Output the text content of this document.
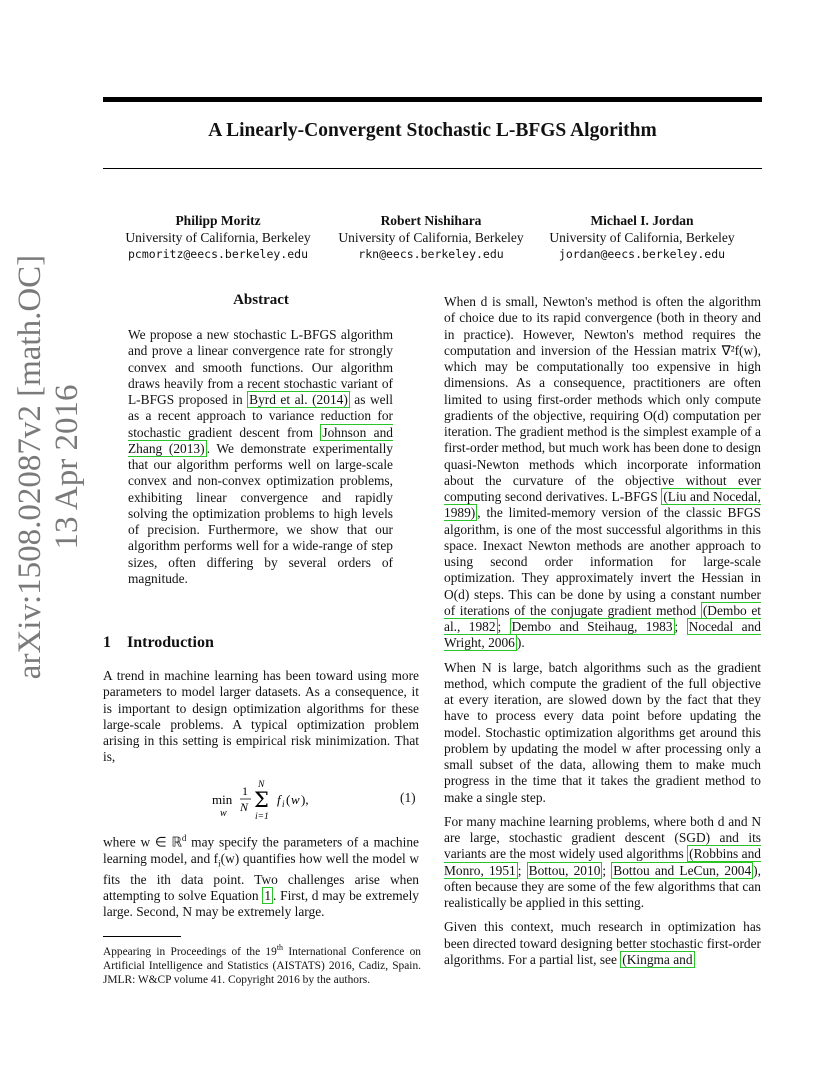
A Linearly-Convergent Stochastic L-BFGS Algorithm
arXiv:1508.02087v2 [math.OC] 13 Apr 2016
Philipp Moritz
University of California, Berkeley
pcmoritz@eecs.berkeley.edu
Robert Nishihara
University of California, Berkeley
rkn@eecs.berkeley.edu
Michael I. Jordan
University of California, Berkeley
jordan@eecs.berkeley.edu
Abstract

We propose a new stochastic L-BFGS algorithm and prove a linear convergence rate for strongly convex and smooth functions. Our algorithm draws heavily from a recent stochastic variant of L-BFGS proposed in Byrd et al. (2014) as well as a recent approach to variance reduction for stochastic gradient descent from Johnson and Zhang (2013) . We demonstrate experimentally that our algorithm performs well on large-scale convex and non-convex optimization problems, exhibiting linear convergence and rapidly solving the optimization problems to high levels of precision. Furthermore, we show that our algorithm performs well for a wide-range of step sizes, often differing by several orders of magnitude.

1    Introduction

A trend in machine learning has been toward using more parameters to model larger datasets. As a consequence, it is important to design optimization algorithms for these large-scale problems. A typical optimization problem arising in this setting is empirical risk minimization. That is,

min
w
1
N
N
Σ
i=1
f i ( w ),	(1)

where w ∈ ℝ$^d$ may specify the parameters of a machine learning model, and $f_i(w)$ quantifies how well the model w fits the ith data point. Two challenges arise when attempting to solve Equation 1 . First, d may be extremely large. Second, N may be extremely large.

Appearing in Proceedings of the 19th International Conference on Artificial Intelligence and Statistics (AISTATS) 2016, Cadiz, Spain. JMLR: W&CP volume 41. Copyright 2016 by the authors.

When d is small, Newton's method is often the algorithm of choice due to its rapid convergence (both in theory and in practice). However, Newton's method requires the computation and inversion of the Hessian matrix ∇²f(w), which may be computationally too expensive in high dimensions. As a consequence, practitioners are often limited to using first-order methods which only compute gradients of the objective, requiring O(d) computation per iteration. The gradient method is the simplest example of a first-order method, but much work has been done to design quasi-Newton methods which incorporate information about the curvature of the objective without ever computing second derivatives. L-BFGS (Liu and Nocedal, 1989) , the limited-memory version of the classic BFGS algorithm, is one of the most successful algorithms in this space. Inexact Newton methods are another approach to using second order information for large-scale optimization. They approximately invert the Hessian in O(d) steps. This can be done by using a constant number of iterations of the conjugate gradient method (Dembo et al., 1982 ; Dembo and Steihaug, 1983 ; Nocedal and Wright, 2006 ).

When N is large, batch algorithms such as the gradient method, which compute the gradient of the full objective at every iteration, are slowed down by the fact that they have to process every data point before updating the model. Stochastic optimization algorithms get around this problem by updating the model w after processing only a small subset of the data, allowing them to make much progress in the time that it takes the gradient method to make a single step.

For many machine learning problems, where both d and N are large, stochastic gradient descent (SGD) and its variants are the most widely used algorithms (Robbins and Monro, 1951 ; Bottou, 2010 ; Bottou and LeCun, 2004 ), often because they are some of the few algorithms that can realistically be applied in this setting.

Given this context, much research in optimization has been directed toward designing better stochastic first-order algorithms. For a partial list, see (Kingma and
